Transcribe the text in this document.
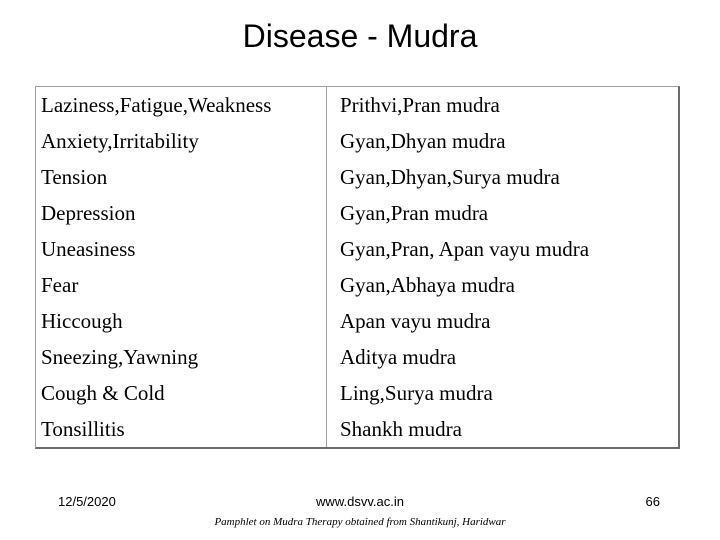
Disease - Mudra
Laziness,Fatigue,Weakness	Prithvi,Pran mudra
Anxiety,Irritability	Gyan,Dhyan mudra
Tension	Gyan,Dhyan,Surya mudra
Depression	Gyan,Pran mudra
Uneasiness	Gyan,Pran, Apan vayu mudra
Fear	Gyan,Abhaya mudra
Hiccough	Apan vayu mudra
Sneezing,Yawning	Aditya mudra
Cough & Cold	Ling,Surya mudra
Tonsillitis	Shankh mudra
12/5/2020	www.dsvv.ac.in	66
Pamphlet on Mudra Therapy obtained from Shantikunj, Haridwar
